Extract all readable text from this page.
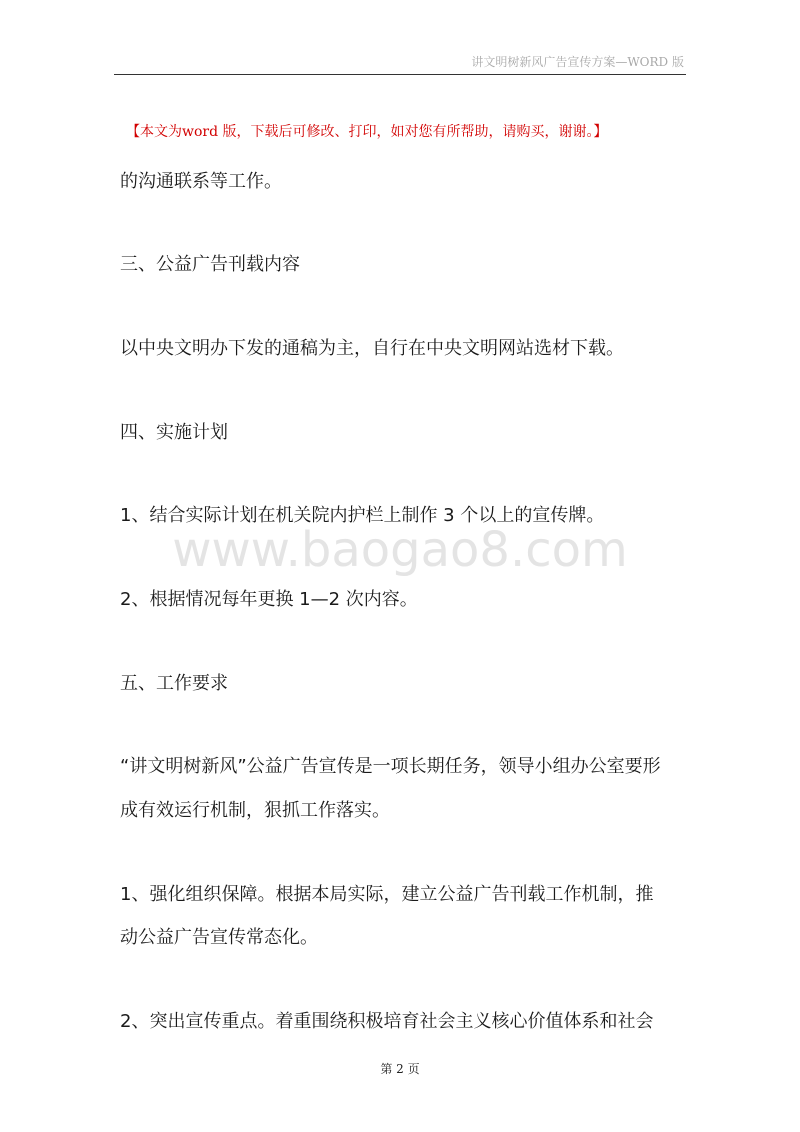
讲文明树新风广告宣传方案—WORD 版
【本文为word 版，下载后可修改、打印，如对您有所帮助，请购买，谢谢。】
的沟通联系等工作。
三、公益广告刊载内容
以中央文明办下发的通稿为主，自行在中央文明网站选材下载。
四、实施计划
1、结合实际计划在机关院内护栏上制作 3 个以上的宣传牌。
2、根据情况每年更换 1—2 次内容。
五、工作要求
“讲文明树新风”公益广告宣传是一项长期任务，领导小组办公室要形
成有效运行机制，狠抓工作落实。
1、强化组织保障。根据本局实际，建立公益广告刊载工作机制，推
动公益广告宣传常态化。
2、突出宣传重点。着重围绕积极培育社会主义核心价值体系和社会
www.baogao8.com
第 2 页
